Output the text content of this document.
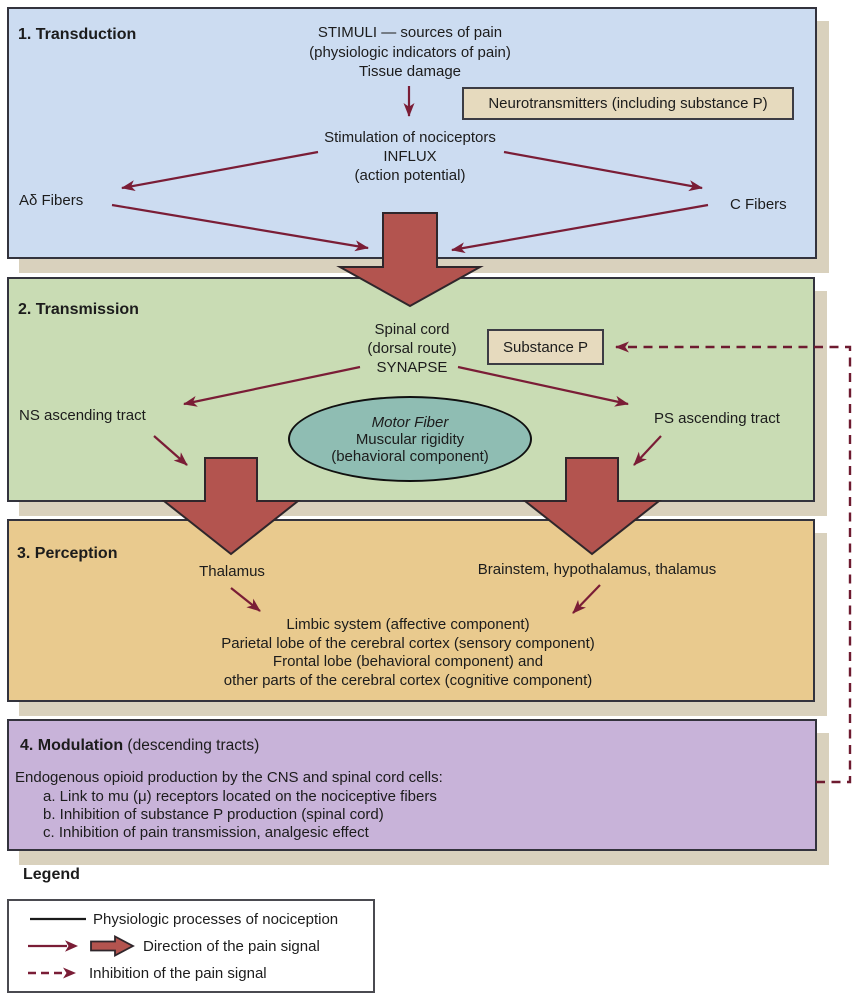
1. Transduction	STIMULI — sources of pain
(physiologic indicators of pain)
Tissue damage
Neurotransmitters (including substance P)
Stimulation of nociceptors
INFLUX
(action potential)
Aδ Fibers	C Fibers
2. Transmission
Spinal cord
(dorsal route)
SYNAPSE
Substance P
NS ascending tract	PS ascending tract
Motor Fiber
Muscular rigidity
(behavioral component)
3. Perception
Thalamus	Brainstem, hypothalamus, thalamus
Limbic system (affective component)
Parietal lobe of the cerebral cortex (sensory component)
Frontal lobe (behavioral component) and
other parts of the cerebral cortex (cognitive component)
4. Modulation (descending tracts)
Endogenous opioid production by the CNS and spinal cord cells:
a. Link to mu (μ) receptors located on the nociceptive fibers
b. Inhibition of substance P production (spinal cord)
c. Inhibition of pain transmission, analgesic effect
Legend
Physiologic processes of nociception
Direction of the pain signal
Inhibition of the pain signal
